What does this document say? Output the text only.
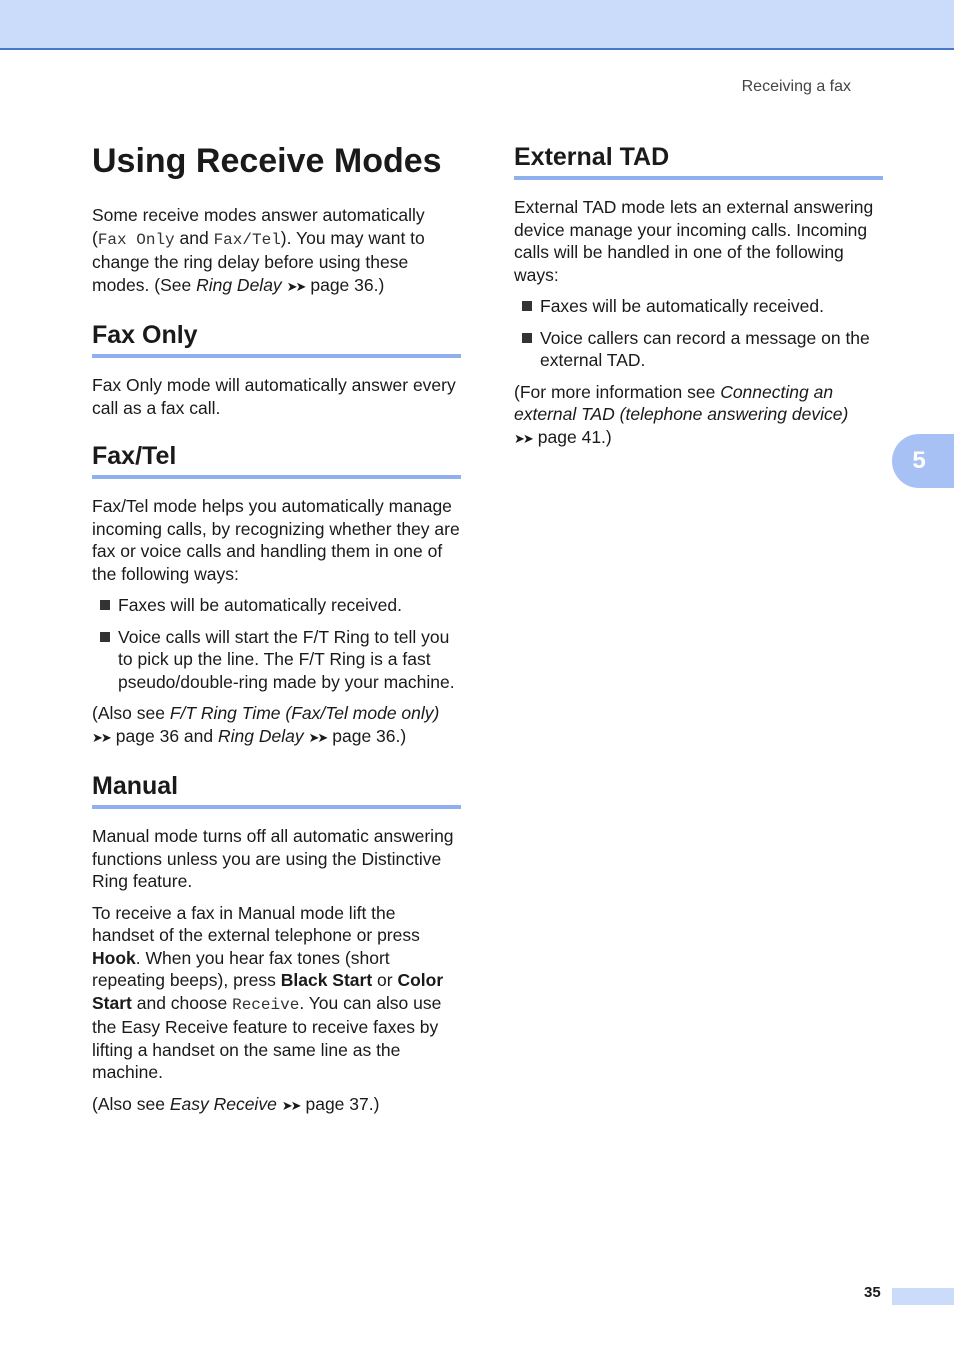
Receiving a fax
Using Receive Modes

Some receive modes answer automatically (Fax Only and Fax/Tel). You may want to change the ring delay before using these modes. (See Ring Delay ➤➤ page 36.)

Fax Only

Fax Only mode will automatically answer every call as a fax call.

Fax/Tel

Fax/Tel mode helps you automatically manage incoming calls, by recognizing whether they are fax or voice calls and handling them in one of the following ways:

Faxes will be automatically received.
Voice calls will start the F/T Ring to tell you to pick up the line. The F/T Ring is a fast pseudo/double-ring made by your machine.

(Also see F/T Ring Time (Fax/Tel mode only) ➤➤ page 36 and Ring Delay ➤➤ page 36.)

Manual

Manual mode turns off all automatic answering functions unless you are using the Distinctive Ring feature.

To receive a fax in Manual mode lift the handset of the external telephone or press Hook. When you hear fax tones (short repeating beeps), press Black Start or Color Start and choose Receive. You can also use the Easy Receive feature to receive faxes by lifting a handset on the same line as the machine.

(Also see Easy Receive ➤➤ page 37.)

External TAD

External TAD mode lets an external answering device manage your incoming calls. Incoming calls will be handled in one of the following ways:

Faxes will be automatically received.
Voice callers can record a message on the external TAD.

(For more information see Connecting an external TAD (telephone answering device) ➤➤ page 41.)

5
35
